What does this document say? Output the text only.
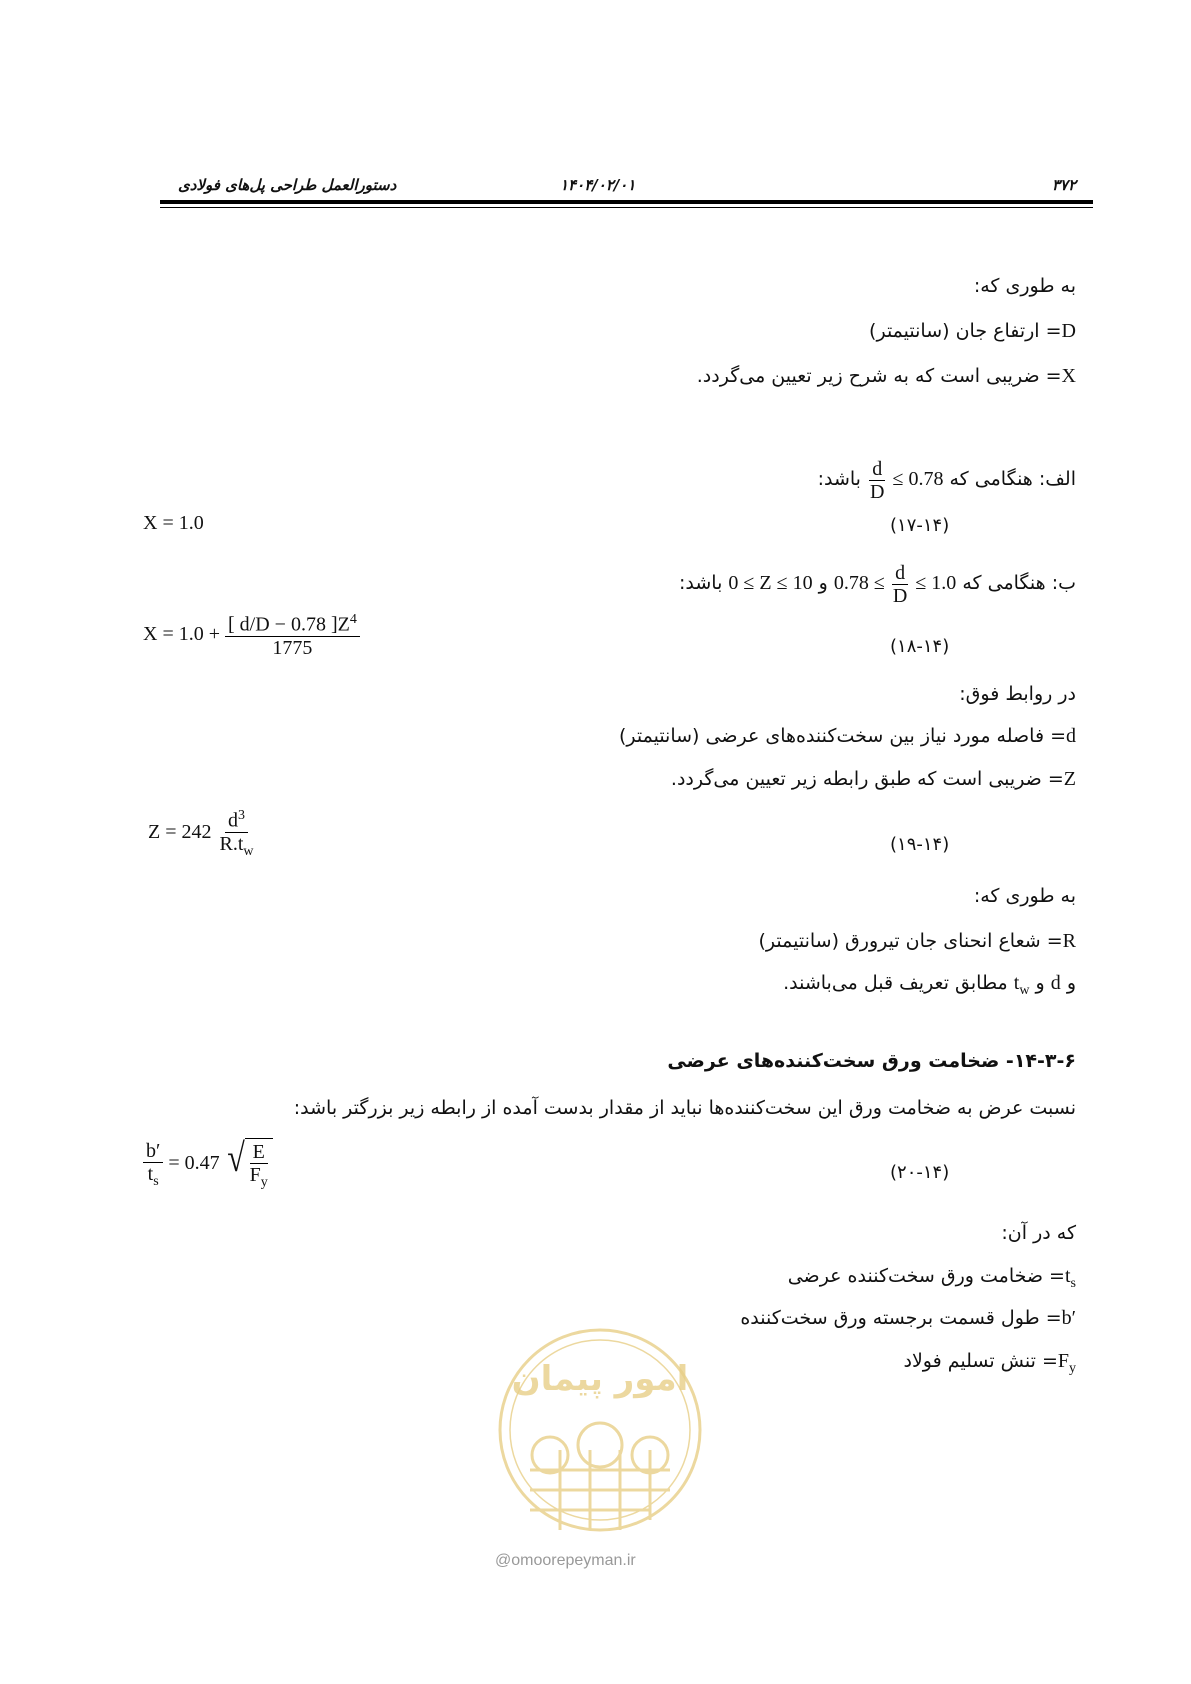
۳۷۲
۱۴۰۴/۰۲/۰۱
دستورالعمل طراحی پل‌های فولادی
به طوری که:
D= ارتفاع جان (سانتیمتر)
X= ضریبی است که به شرح زیر تعیین می‌گردد.
الف: هنگامی که
$\frac{d}{D} \le 0.78$ باشد:
(۱۷-۱۴)
X = 1.0
ب: هنگامی که $0.78 \le \frac{d}{D} \le 1.0$ و 0 ≤ Z ≤ 10 باشد:
(۱۸-۱۴)
$X = 1.0 + \frac{[ d/D - 0.78 ]Z^4}{1775}$
در روابط فوق:
d= فاصله مورد نیاز بین سخت‌کننده‌های عرضی (سانتیمتر)
Z= ضریبی است که طبق رابطه زیر تعیین می‌گردد.
(۱۹-۱۴)
$Z = 242 \frac{d^3}{R.t_w}$
به طوری که:
R= شعاع انحنای جان تیرورق (سانتیمتر)
و d و $t_w$ مطابق تعریف قبل می‌باشند.
۱۴-۳-۶- ضخامت ورق سخت‌کننده‌های عرضی
نسبت عرض به ضخامت ورق این سخت‌کننده‌ها نباید از مقدار بدست آمده از رابطه زیر بزرگتر باشد:
(۲۰-۱۴)
$\frac{b'}{t_s} = 0.47$ √ $\frac{E}{F_y}$
که در آن:
$t_s=$ ضخامت ورق سخت‌کننده عرضی
b′= طول قسمت برجسته ورق سخت‌کننده
$F_y=$ تنش تسلیم فولاد
امور پیمان
@omoorepeyman.ir
